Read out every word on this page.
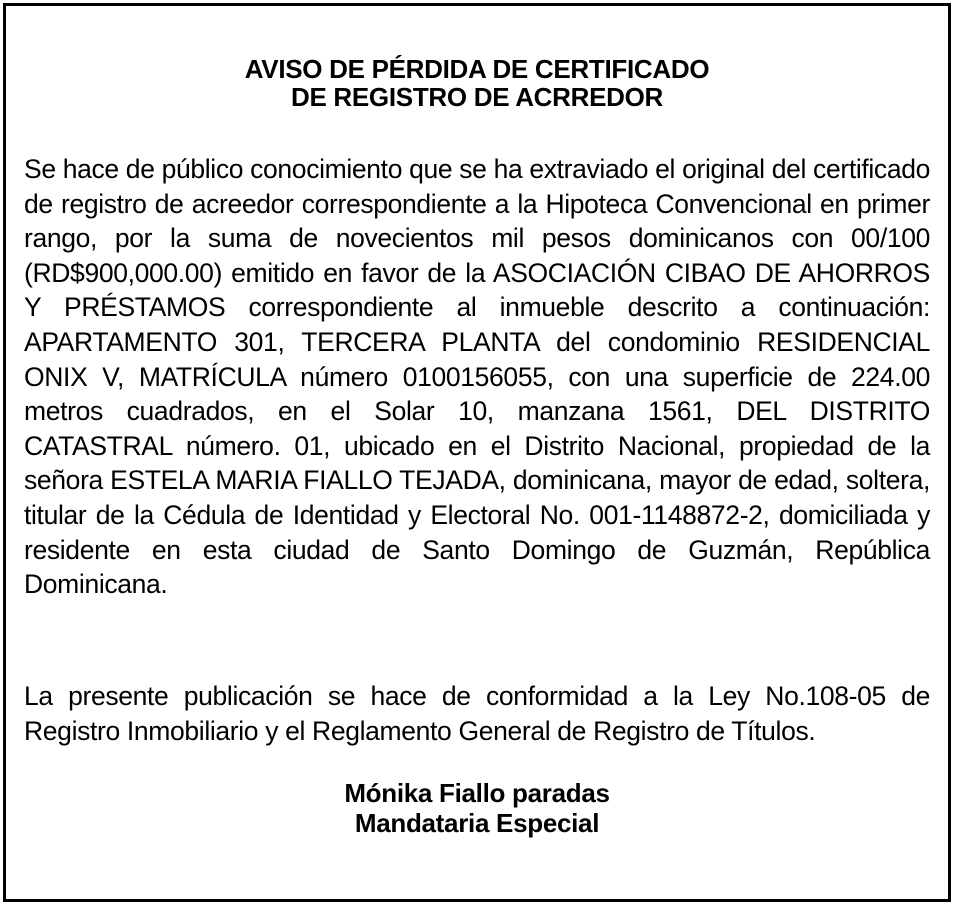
AVISO DE PÉRDIDA DE CERTIFICADO
DE REGISTRO DE ACRREDOR
Se hace de público conocimiento que se ha extraviado el original del certificado de registro de acreedor correspondiente a la Hipoteca Convencional en primer rango, por la suma de novecientos mil pesos dominicanos con 00/100 (RD$900,000.00) emitido en favor de la ASOCIACIÓN CIBAO DE AHORROS Y PRÉSTAMOS correspondiente al inmueble descrito a continuación: APARTAMENTO 301, TERCERA PLANTA del condominio RESIDENCIAL ONIX V, MATRÍCULA número 0100156055, con una superficie de 224.00 metros cuadrados, en el Solar 10, manzana 1561, DEL DISTRITO CATASTRAL número. 01, ubicado en el Distrito Nacional, propiedad de la señora ESTELA MARIA FIALLO TEJADA, dominicana, mayor de edad, soltera, titular de la Cédula de Identidad y Electoral No. 001-1148872-2, domiciliada y residente en esta ciudad de Santo Domingo de Guzmán, República Dominicana.
La presente publicación se hace de conformidad a la Ley No.108-05 de Registro Inmobiliario y el Reglamento General de Registro de Títulos.
Mónika Fiallo paradas
Mandataria Especial
